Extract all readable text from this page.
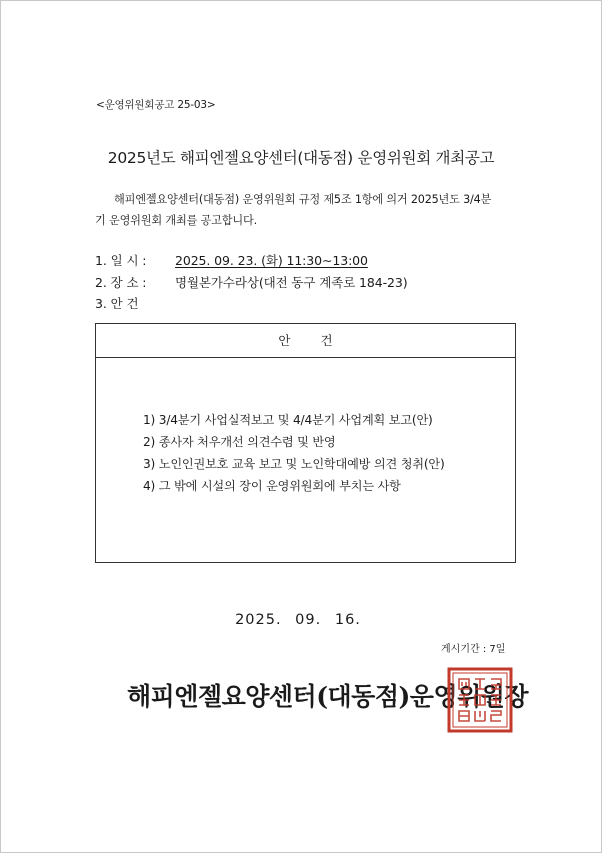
<운영위원회공고 25-03>
2025년도 해피엔젤요양센터(대동점) 운영위원회 개최공고
해피엔젤요양센터(대동점) 운영위원회 규정 제5조 1항에 의거 2025년도 3/4분
기 운영위원회 개최를 공고합니다.
1. 일 시 : 2025. 09. 23. (화) 11:30∼13:00
2. 장 소 : 명월본가수라상(대전 동구 계족로 184-23)
3. 안 건
안건
1) 3/4분기 사업실적보고 및 4/4분기 사업계획 보고(안)
2) 종사자 처우개선 의견수렴 및 반영
3) 노인인권보호 교육 보고 및 노인학대예방 의견 청취(안)
4) 그 밖에 시설의 장이 운영위원회에 부치는 사항
2025. 09. 16.
게시기간 : 7일
해피엔젤요양센터(대동점)운영위원장
